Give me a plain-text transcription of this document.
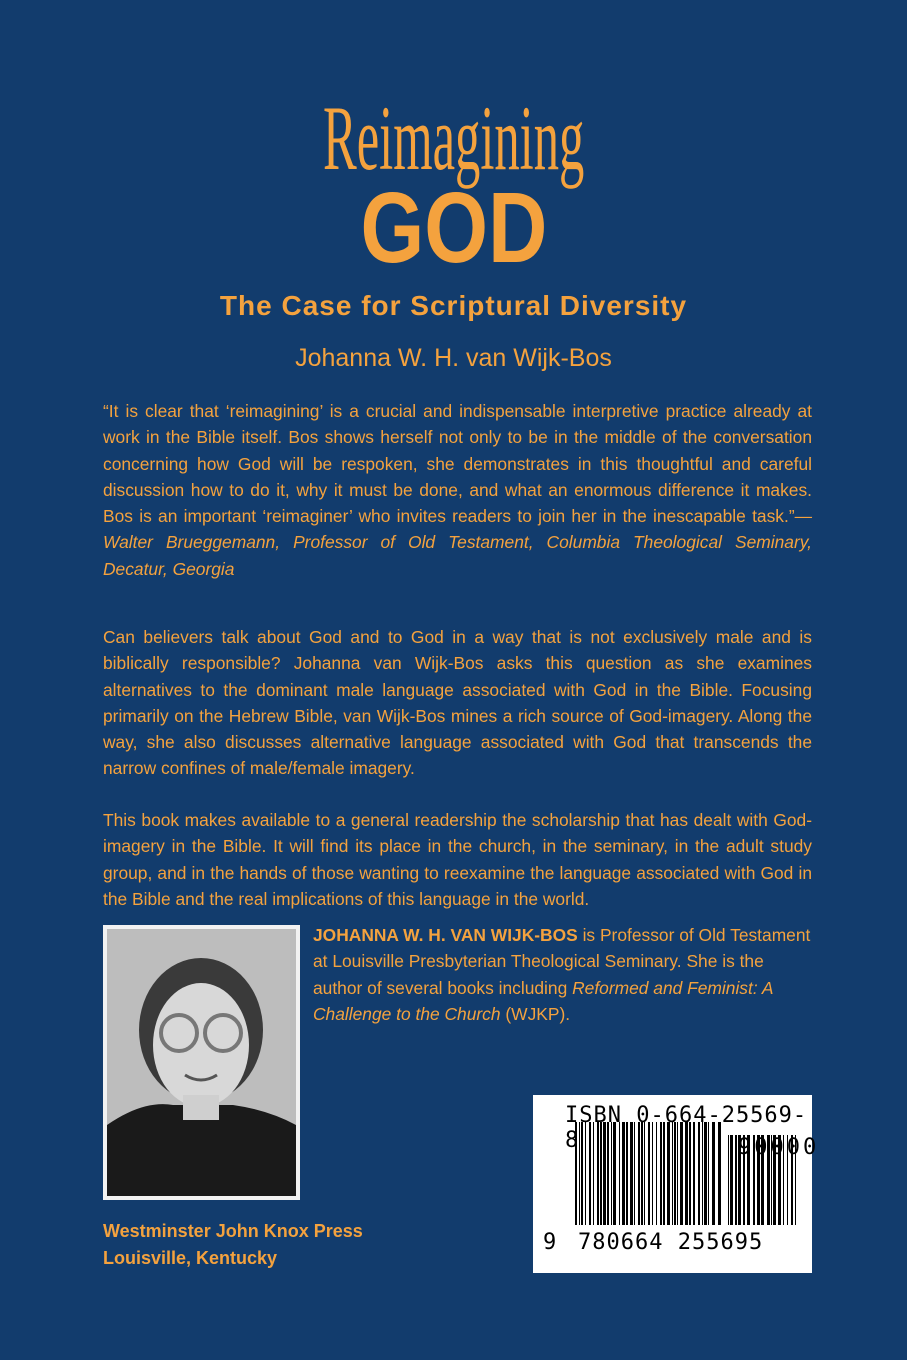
Reimagining
GOD
The Case for Scriptural Diversity
Johanna W. H. van Wijk-Bos
“It is clear that ‘reimagining’ is a crucial and indispensable interpretive practice already at work in the Bible itself. Bos shows herself not only to be in the middle of the conversation concerning how God will be respoken, she demonstrates in this thoughtful and careful discussion how to do it, why it must be done, and what an enormous difference it makes. Bos is an important ‘reimaginer’ who invites readers to join her in the inescapable task.”—Walter Brueggemann, Professor of Old Testament, Columbia Theological Seminary, Decatur, Georgia
Can believers talk about God and to God in a way that is not exclusively male and is biblically responsible? Johanna van Wijk-Bos asks this question as she examines alternatives to the dominant male language associated with God in the Bible. Focusing primarily on the Hebrew Bible, van Wijk-Bos mines a rich source of God-imagery. Along the way, she also discusses alternative language associated with God that transcends the narrow confines of male/female imagery.
This book makes available to a general readership the scholarship that has dealt with God-imagery in the Bible. It will find its place in the church, in the seminary, in the adult study group, and in the hands of those wanting to reexamine the language associated with God in the Bible and the real implications of this language in the world.
JOHANNA W. H. VAN WIJK-BOS is Professor of Old Testament at Louisville Presbyterian Theological Seminary. She is the author of several books including Reformed and Feminist: A Challenge to the Church (WJKP).
Westminster John Knox Press
Louisville, Kentucky
ISBN 0-664-25569-8	90000
9 780664 255695
